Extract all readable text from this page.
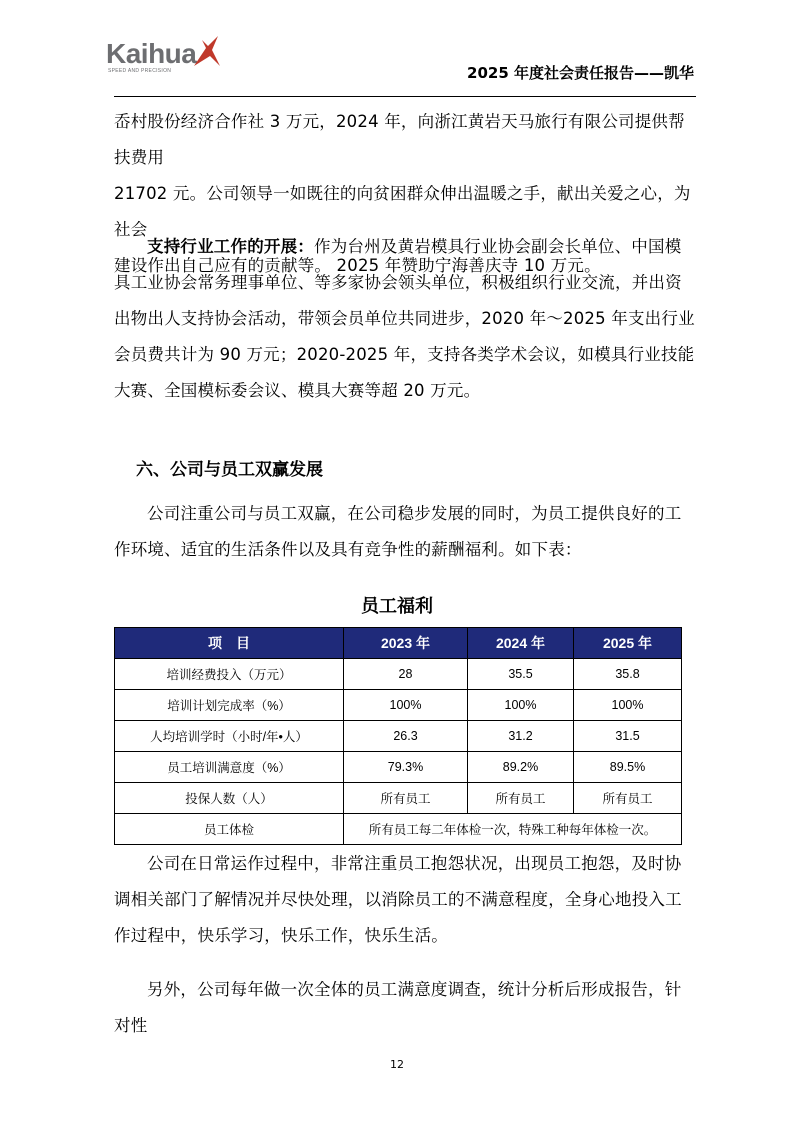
Kaihua
SPEED AND PRECISION	2025 年度社会责任报告——凯华
岙村股份经济合作社 3 万元，2024 年，向浙江黄岩天马旅行有限公司提供帮扶费用
21702 元。公司领导一如既往的向贫困群众伸出温暖之手，献出关爱之心，为社会
建设作出自己应有的贡献等。 2025 年赞助宁海善庆寺 10 万元。
支持行业工作的开展：作为台州及黄岩模具行业协会副会长单位、中国模具工业协会常务理事单位、等多家协会领头单位，积极组织行业交流，并出资出物出人支持协会活动，带领会员单位共同进步，2020 年～2025 年支出行业会员费共计为 90 万元；2020-2025 年，支持各类学术会议，如模具行业技能大赛、全国模标委会议、模具大赛等超 20 万元。
六、公司与员工双赢发展
公司注重公司与员工双赢，在公司稳步发展的同时，为员工提供良好的工作环境、适宜的生活条件以及具有竞争性的薪酬福利。如下表：
员工福利
项　目	2023 年	2024 年	2025 年
培训经费投入（万元）	28	35.5	35.8
培训计划完成率（%）	100%	100%	100%
人均培训学时（小时/年•人）	26.3	31.2	31.5
员工培训满意度（%）	79.3%	89.2%	89.5%
投保人数（人）	所有员工	所有员工	所有员工
员工体检	所有员工每二年体检一次，特殊工种每年体检一次。		
公司在日常运作过程中，非常注重员工抱怨状况，出现员工抱怨，及时协调相关部门了解情况并尽快处理，以消除员工的不满意程度，全身心地投入工作过程中，快乐学习，快乐工作，快乐生活。
另外，公司每年做一次全体的员工满意度调查，统计分析后形成报告，针对性
12
